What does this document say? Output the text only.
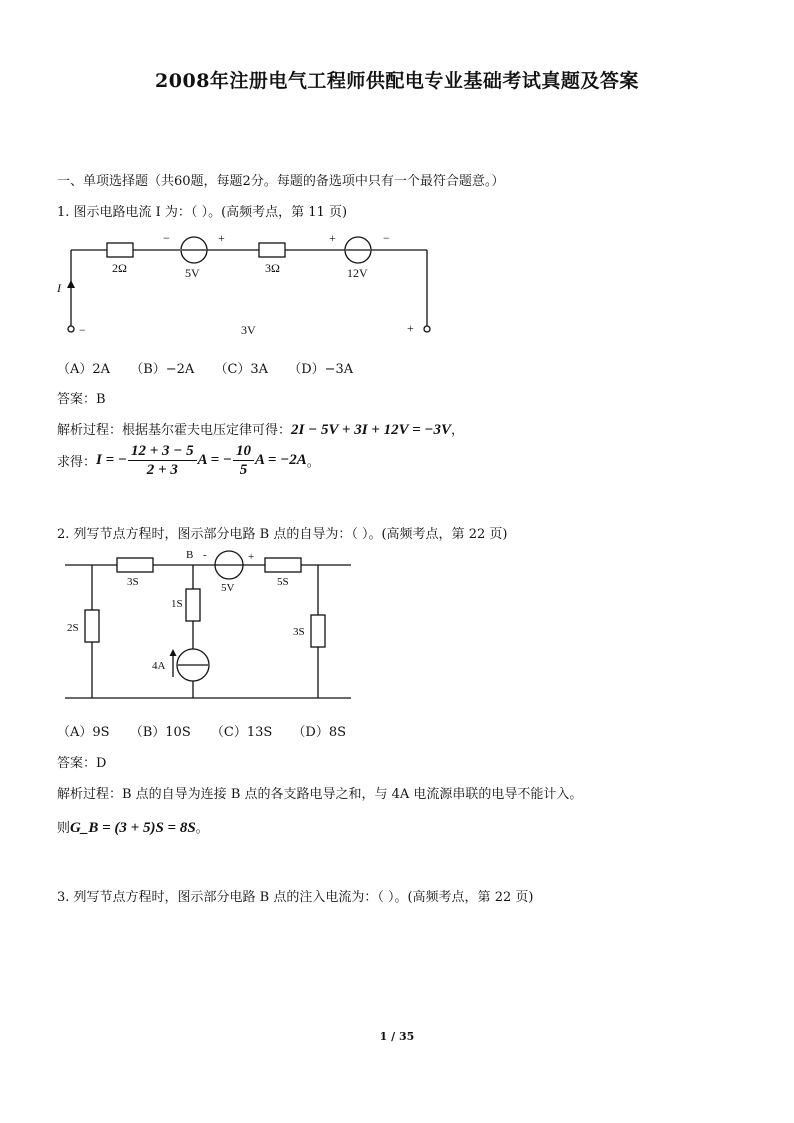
2008年注册电气工程师供配电专业基础考试真题及答案
一、单项选择题（共60题，每题2分。每题的备选项中只有一个最符合题意。）
1. 图示电路电流 I 为：（ ）。(高频考点，第 11 页)
2Ω	5V	3Ω	12V
3V
I
−	+	+	−
−	+
（A）2A （B）−2A （C）3A （D）−3A
答案：B
解析过程：根据基尔霍夫电压定律可得：2I − 5V + 3I + 12V = −3V，
求得：I = − $\frac{12 + 3 - 5}{2 + 3}$ A = − $\frac{10}{5}$ A = −2A。
2. 列写节点方程时，图示部分电路 B 点的自导为：（ ）。(高频考点，第 22 页)
B -	+
3S	5S
5V
1S
2S	3S
4A
（A）9S （B）10S （C）13S （D）8S
答案：D
解析过程：B 点的自导为连接 B 点的各支路电导之和，与 4A 电流源串联的电导不能计入。
则G_B = (3 + 5)S = 8S。
3. 列写节点方程时，图示部分电路 B 点的注入电流为：（ ）。(高频考点，第 22 页)
1 / 35
